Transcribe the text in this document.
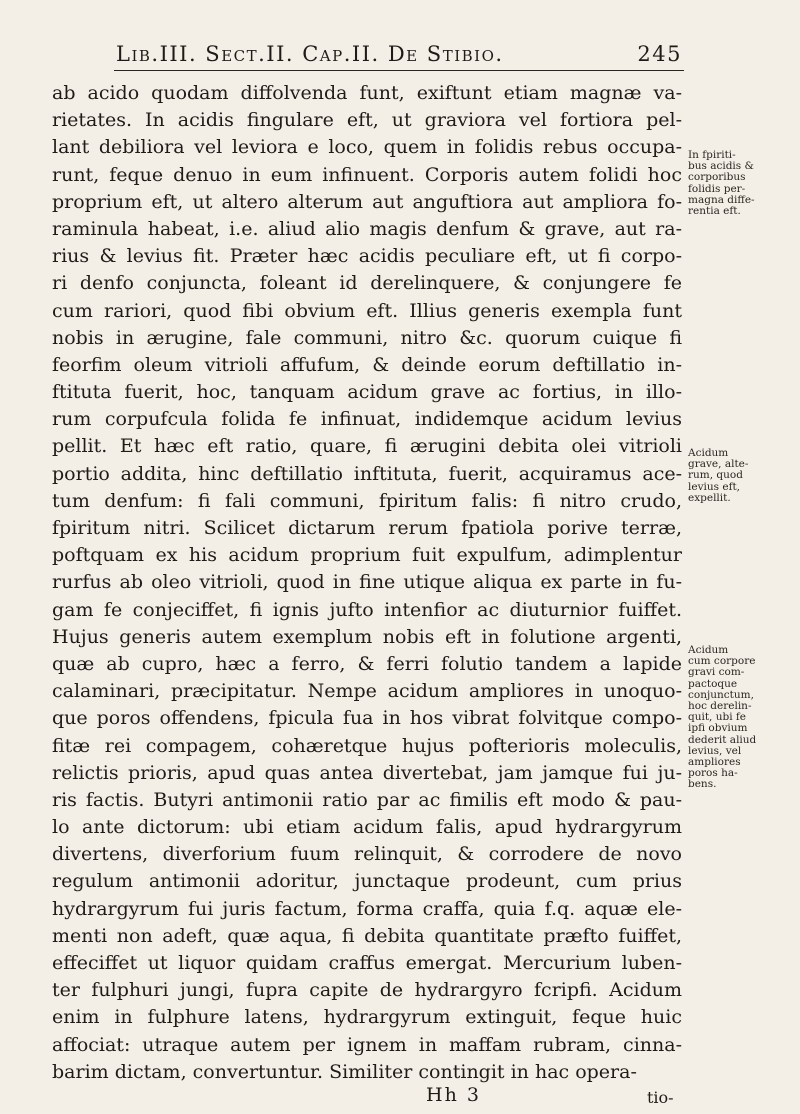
Lib.III. Sect.II. Cap.II. De Stibio.	245
ab acido quodam diffolvenda funt, exiftunt etiam magnæ va-
rietates. In acidis fingulare eft, ut graviora vel fortiora pel-
lant debiliora vel leviora e loco, quem in folidis rebus occupa-
runt, feque denuo in eum infinuent. Corporis autem folidi hoc
proprium eft, ut altero alterum aut anguftiora aut ampliora fo-
raminula habeat, i.e. aliud alio magis denfum & grave, aut ra-
rius & levius fit. Præter hæc acidis peculiare eft, ut fi corpo-
ri denfo conjuncta, foleant id derelinquere, & conjungere fe
cum rariori, quod fibi obvium eft. Illius generis exempla funt
nobis in ærugine, fale communi, nitro &c. quorum cuique fi
feorfim oleum vitrioli affufum, & deinde eorum deftillatio in-
ftituta fuerit, hoc, tanquam acidum grave ac fortius, in illo-
rum corpufcula folida fe infinuat, indidemque acidum levius
pellit. Et hæc eft ratio, quare, fi ærugini debita olei vitrioli
portio addita, hinc deftillatio inftituta, fuerit, acquiramus ace-
tum denfum: fi fali communi, fpiritum falis: fi nitro crudo,
fpiritum nitri. Scilicet dictarum rerum fpatiola porive terræ,
poftquam ex his acidum proprium fuit expulfum, adimplentur
rurfus ab oleo vitrioli, quod in fine utique aliqua ex parte in fu-
gam fe conjeciffet, fi ignis jufto intenfior ac diuturnior fuiffet.
Hujus generis autem exemplum nobis eft in folutione argenti,
quæ ab cupro, hæc a ferro, & ferri folutio tandem a lapide
calaminari, præcipitatur. Nempe acidum ampliores in unoquo-
que poros offendens, fpicula fua in hos vibrat folvitque compo-
fitæ rei compagem, cohæretque hujus pofterioris moleculis,
relictis prioris, apud quas antea divertebat, jam jamque fui ju-
ris factis. Butyri antimonii ratio par ac fimilis eft modo & pau-
lo ante dictorum: ubi etiam acidum falis, apud hydrargyrum
divertens, diverforium fuum relinquit, & corrodere de novo
regulum antimonii adoritur, junctaque prodeunt, cum prius
hydrargyrum fui juris factum, forma craffa, quia f.q. aquæ ele-
menti non adeft, quæ aqua, fi debita quantitate præfto fuiffet,
effeciffet ut liquor quidam craffus emergat. Mercurium luben-
ter fulphuri jungi, fupra capite de hydrargyro fcripfi. Acidum
enim in fulphure latens, hydrargyrum extinguit, feque huic
affociat: utraque autem per ignem in maffam rubram, cinna-
barim dictam, convertuntur. Similiter contingit in hac opera-
In fpiriti-
bus acidis &
corporibus
folidis per-
magna diffe-
rentia eft.
Acidum
grave, alte-
rum, quod
levius eft,
expellit.
Acidum
cum corpore
gravi com-
pactoque
conjunctum,
hoc derelin-
quit, ubi fe
ipfi obvium
dederit aliud
levius, vel
ampliores
poros ha-
bens.
Hh 3	tio-
